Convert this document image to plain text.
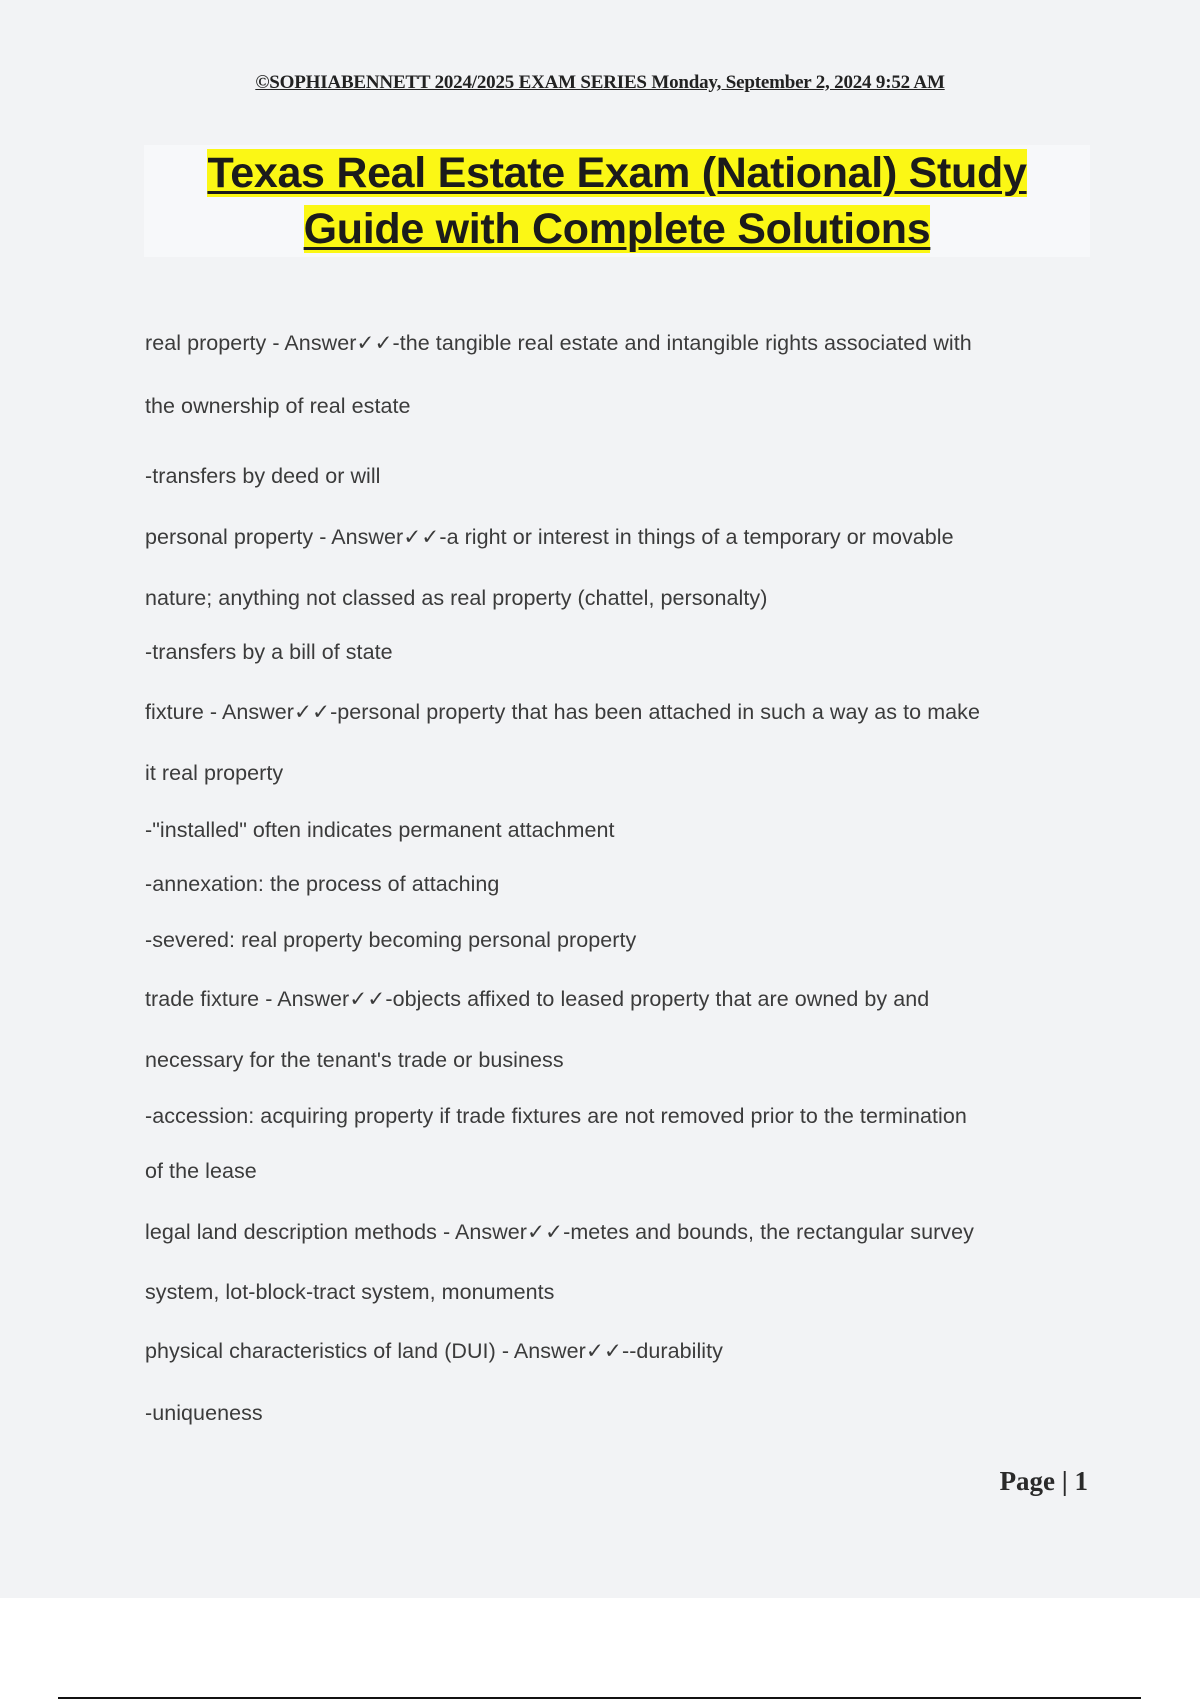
©SOPHIABENNETT 2024/2025 EXAM SERIES Monday, September 2, 2024 9:52 AM
Texas Real Estate Exam (National) Study
Guide with Complete Solutions
real property - Answer✓✓-the tangible real estate and intangible rights associated with
the ownership of real estate
-transfers by deed or will
personal property - Answer✓✓-a right or interest in things of a temporary or movable
nature; anything not classed as real property (chattel, personalty)
-transfers by a bill of state
fixture - Answer✓✓-personal property that has been attached in such a way as to make
it real property
-"installed" often indicates permanent attachment
-annexation: the process of attaching
-severed: real property becoming personal property
trade fixture - Answer✓✓-objects affixed to leased property that are owned by and
necessary for the tenant's trade or business
-accession: acquiring property if trade fixtures are not removed prior to the termination
of the lease
legal land description methods - Answer✓✓-metes and bounds, the rectangular survey
system, lot-block-tract system, monuments
physical characteristics of land (DUI) - Answer✓✓--durability
-uniqueness
Page | 1
